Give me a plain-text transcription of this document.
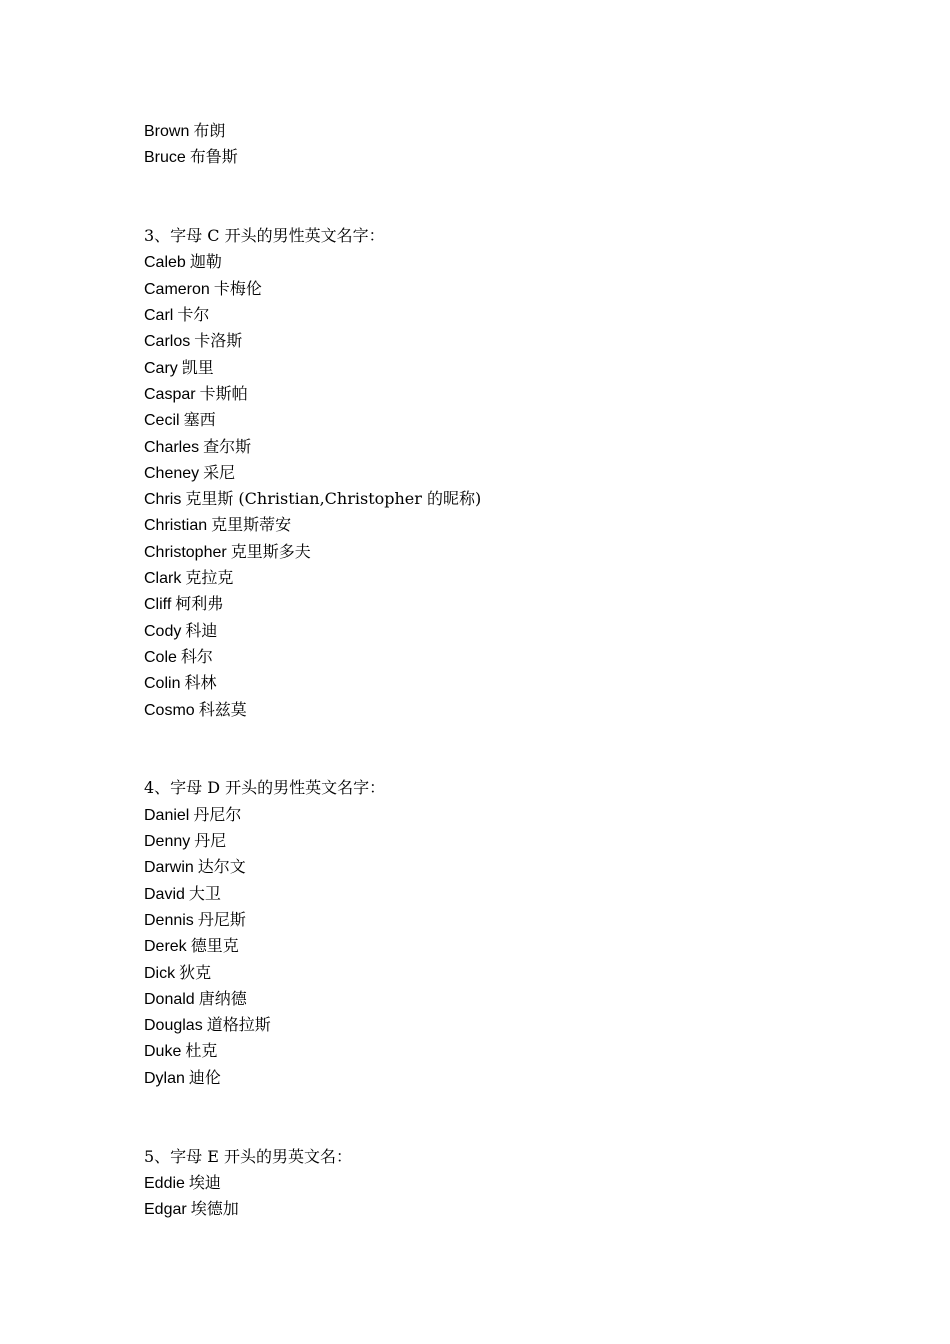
Brown 布朗
Bruce 布鲁斯
3、字母 C 开头的男性英文名字：
Caleb 迦勒
Cameron 卡梅伦
Carl 卡尔
Carlos 卡洛斯
Cary 凯里
Caspar 卡斯帕
Cecil 塞西
Charles 查尔斯
Cheney 采尼
Chris 克里斯 (Christian,Christopher 的昵称)
Christian 克里斯蒂安
Christopher 克里斯多夫
Clark 克拉克
Cliff 柯利弗
Cody 科迪
Cole 科尔
Colin 科林
Cosmo 科兹莫
4、字母 D 开头的男性英文名字：
Daniel 丹尼尔
Denny 丹尼
Darwin 达尔文
David 大卫
Dennis 丹尼斯
Derek 德里克
Dick 狄克
Donald 唐纳德
Douglas 道格拉斯
Duke 杜克
Dylan 迪伦
5、字母 E 开头的男英文名：
Eddie 埃迪
Edgar 埃德加
